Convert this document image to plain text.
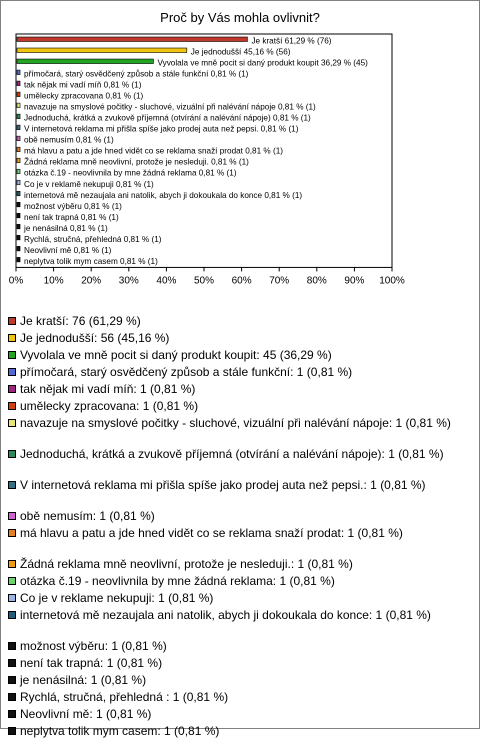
Proč by Vás mohla ovlivnit?
Je kratší 61,29 % (76)
Je jednodušší 45,16 % (56)
Vyvolala ve mně pocit si daný produkt koupit 36,29 % (45)
přímočará, starý osvědčený způsob a stále funkční 0,81 % (1)
tak nějak mi vadí míň 0,81 % (1)
umělecky zpracovana 0,81 % (1)
navazuje na smyslové počitky - sluchové, vizuální při nalévání nápoje 0,81 % (1)
Jednoduchá, krátká a zvukově příjemná (otvírání a nalévání nápoje) 0,81 % (1)
V internetová reklama mi přišla spíše jako prodej auta než pepsi. 0,81 % (1)
obě nemusím 0,81 % (1)
má hlavu a patu a jde hned vidět co se reklama snaží prodat 0,81 % (1)
Žádná reklama mně neovlivní, protože je nesleduji. 0,81 % (1)
otázka č.19 - neovlivnila by mne žádná reklama 0,81 % (1)
Co je v reklamě nekupuji 0,81 % (1)
internetová mě nezaujala ani natolik, abych ji dokoukala do konce 0,81 % (1)
možnost výběru 0,81 % (1)
není tak trapná 0,81 % (1)
je nenásilná 0,81 % (1)
Rychlá, stručná, přehledná 0,81 % (1)
Neovlivní mě 0,81 % (1)
neplytva tolik mym casem 0,81 % (1)
0% 10% 20% 30% 40% 50% 60% 70% 80% 90% 100%
Je kratší: 76 (61,29 %)
Je jednodušší: 56 (45,16 %)
Vyvolala ve mně pocit si daný produkt koupit: 45 (36,29 %)
přímočará, starý osvědčený způsob a stále funkční: 1 (0,81 %)
tak nějak mi vadí míň: 1 (0,81 %)
umělecky zpracovana: 1 (0,81 %)
navazuje na smyslové počitky - sluchové, vizuální při nalévání nápoje: 1 (0,81 %)
Jednoduchá, krátká a zvukově příjemná (otvírání a nalévání nápoje): 1 (0,81 %)
V internetová reklama mi přišla spíše jako prodej auta než pepsi.: 1 (0,81 %)
obě nemusím: 1 (0,81 %)
má hlavu a patu a jde hned vidět co se reklama snaží prodat: 1 (0,81 %)
Žádná reklama mně neovlivní, protože je nesleduji.: 1 (0,81 %)
otázka č.19 - neovlivnila by mne žádná reklama: 1 (0,81 %)
Co je v reklame nekupuji: 1 (0,81 %)
internetová mě nezaujala ani natolik, abych ji dokoukala do konce: 1 (0,81 %)
možnost výběru: 1 (0,81 %)
není tak trapná: 1 (0,81 %)
je nenásilná: 1 (0,81 %)
Rychlá, stručná, přehledná : 1 (0,81 %)
Neovlivní mě: 1 (0,81 %)
neplytva tolik mym casem: 1 (0,81 %)
